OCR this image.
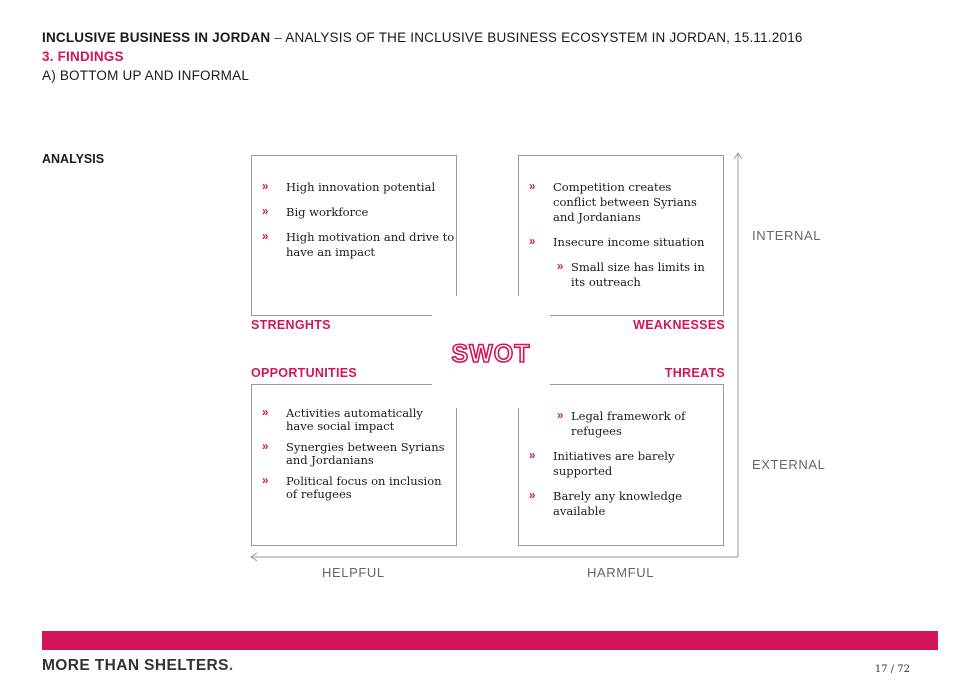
INCLUSIVE BUSINESS IN JORDAN – ANALYSIS OF THE INCLUSIVE BUSINESS ECOSYSTEM IN JORDAN, 15.11.2016
3. FINDINGS
A) BOTTOM UP AND INFORMAL
ANALYSIS
» High innovation potential
» Big workforce
» High motivation and drive to have an impact
» Competition creates conflict between Syrians and Jordanians
» Insecure income situation
» Small size has limits in its outreach
» Activities automatically have social impact
» Synergies between Syrians and Jordanians
» Political focus on inclusion of refugees
» Legal framework of refugees
» Initiatives are barely supported
» Barely any knowledge available
STRENGHTS	WEAKNESSES
OPPORTUNITIES	THREATS
SWOT
INTERNAL
EXTERNAL
HELPFUL	HARMFUL
MORE THAN SHELTERS.	17 / 72
